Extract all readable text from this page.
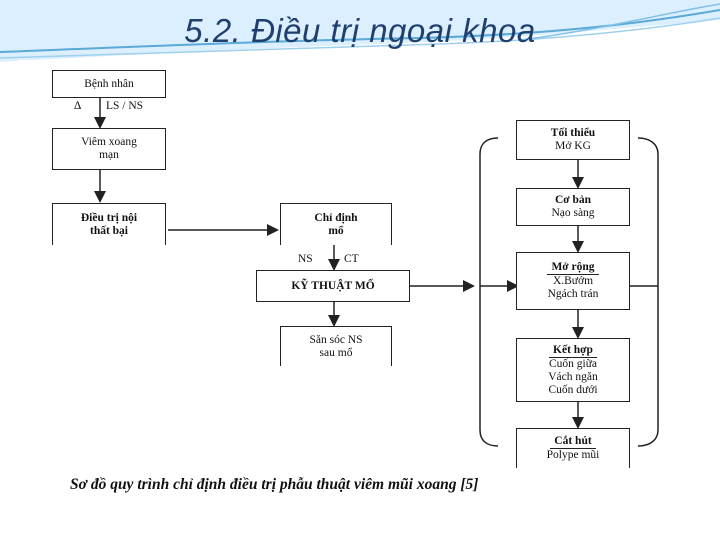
5.2. Điều trị ngoại khoa
Bệnh nhân
∆ LS / NS
Viêm xoang
mạn
Điều trị nội
thất bại
Chỉ định
mổ
NS	CT
KỸ THUẬT MỔ
Săn sóc NS
sau mổ
Tối thiểu
Mở KG
Cơ bản
Nạo sàng
Mở rộng
X.Bướm
Ngách trán
Kết hợp
Cuốn giữa
Vách ngăn
Cuốn dưới
Cắt hút
Polype mũi
Sơ đồ quy trình chỉ định điều trị phẫu thuật viêm mũi xoang [5]
